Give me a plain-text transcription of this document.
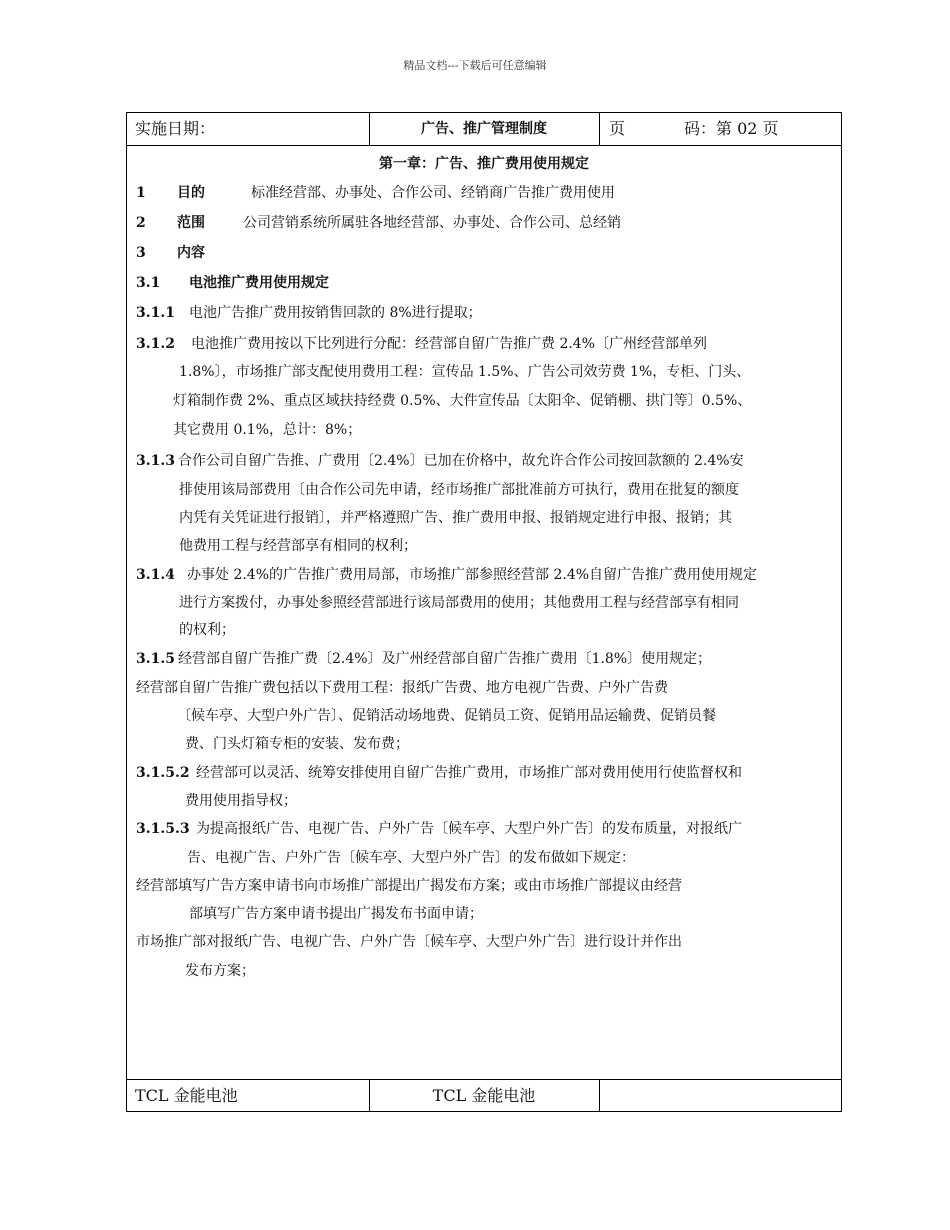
精品文档---下载后可任意编辑
实施日期：	广告、推广管理制度	页	码：第 02 页
第一章：广告、推广费用使用规定
1 目的	标准经营部、办事处、合作公司、经销商广告推广费用使用
2 范围	公司营销系统所属驻各地经营部、办事处、合作公司、总经销
3 内容
3.1 电池推广费用使用规定
3.1.1 电池广告推广费用按销售回款的 8%进行提取；
3.1.2 电池推广费用按以下比列进行分配：经营部自留广告推广费 2.4%〔广州经营部单列
1.8%〕，市场推广部支配使用费用工程：宣传品 1.5%、广告公司效劳费 1%，专柜、门头、
灯箱制作费 2%、重点区域扶持经费 0.5%、大件宣传品〔太阳伞、促销棚、拱门等〕0.5%、
其它费用 0.1%，总计：8%；
3.1.3 合作公司自留广告推、广费用〔2.4%〕已加在价格中，故允许合作公司按回款额的 2.4%安
排使用该局部费用〔由合作公司先申请，经市场推广部批准前方可执行，费用在批复的额度
内凭有关凭证进行报销〕，并严格遵照广告、推广费用申报、报销规定进行申报、报销；其
他费用工程与经营部享有相同的权利；
3.1.4 办事处 2.4%的广告推广费用局部，市场推广部参照经营部 2.4%自留广告推广费用使用规定
进行方案拨付，办事处参照经营部进行该局部费用的使用；其他费用工程与经营部享有相同
的权利；
3.1.5 经营部自留广告推广费〔2.4%〕及广州经营部自留广告推广费用〔1.8%〕使用规定；
经营部自留广告推广费包括以下费用工程：报纸广告费、地方电视广告费、户外广告费
〔候车亭、大型户外广告〕、促销活动场地费、促销员工资、促销用品运输费、促销员餐
费、门头灯箱专柜的安装、发布费；
3.1.5.2 经营部可以灵活、统筹安排使用自留广告推广费用，市场推广部对费用使用行使监督权和
费用使用指导权；
3.1.5.3 为提高报纸广告、电视广告、户外广告〔候车亭、大型户外广告〕的发布质量，对报纸广
告、电视广告、户外广告〔候车亭、大型户外广告〕的发布做如下规定：
经营部填写广告方案申请书向市场推广部提出广揭发布方案；或由市场推广部提议由经营
部填写广告方案申请书提出广揭发布书面申请；
市场推广部对报纸广告、电视广告、户外广告〔候车亭、大型户外广告〕进行设计并作出
发布方案；
TCL 金能电池	TCL 金能电池
